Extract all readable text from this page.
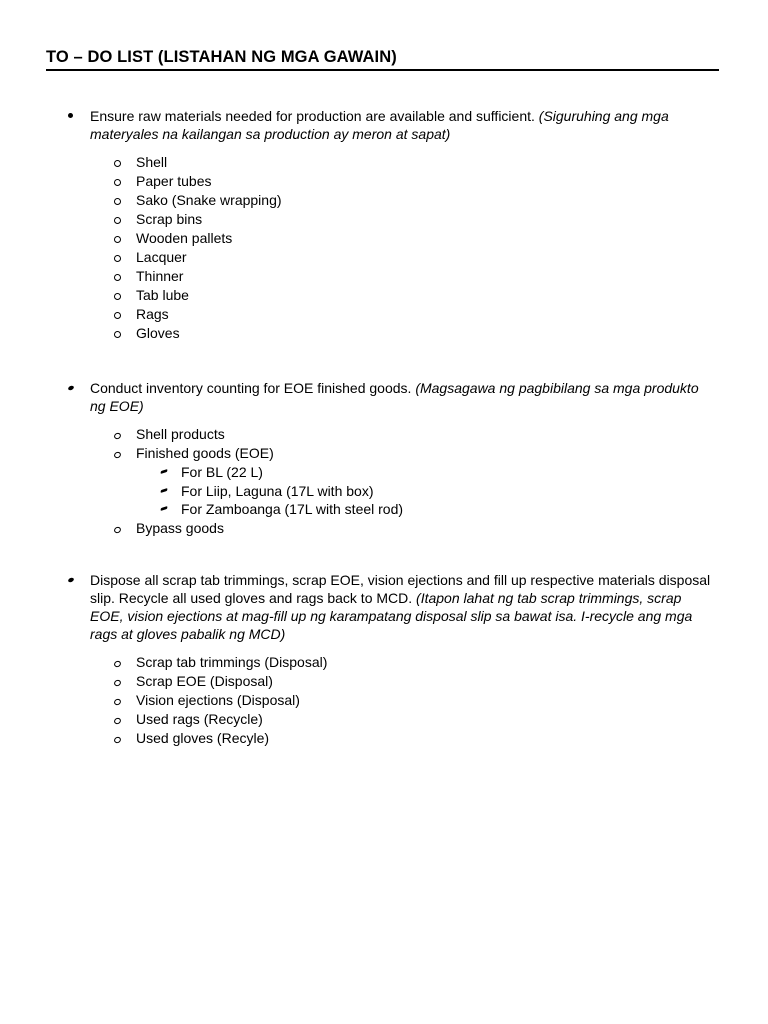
TO – DO LIST (LISTAHAN NG MGA GAWAIN)
Ensure raw materials needed for production are available and sufficient. (Siguruhing ang mga materyales na kailangan sa production ay meron at sapat)
Shell
Paper tubes
Sako (Snake wrapping)
Scrap bins
Wooden pallets
Lacquer
Thinner
Tab lube
Rags
Gloves
Conduct inventory counting for EOE finished goods. (Magsagawa ng pagbibilang sa mga produkto ng EOE)
Shell products
Finished goods (EOE)
For BL (22 L)
For Liip, Laguna (17L with box)
For Zamboanga (17L with steel rod)
Bypass goods
Dispose all scrap tab trimmings, scrap EOE, vision ejections and fill up respective materials disposal slip. Recycle all used gloves and rags back to MCD. (Itapon lahat ng tab scrap trimmings, scrap EOE, vision ejections at mag-fill up ng karampatang disposal slip sa bawat isa. I-recycle ang mga rags at gloves pabalik ng MCD)
Scrap tab trimmings (Disposal)
Scrap EOE (Disposal)
Vision ejections (Disposal)
Used rags (Recycle)
Used gloves (Recyle)
